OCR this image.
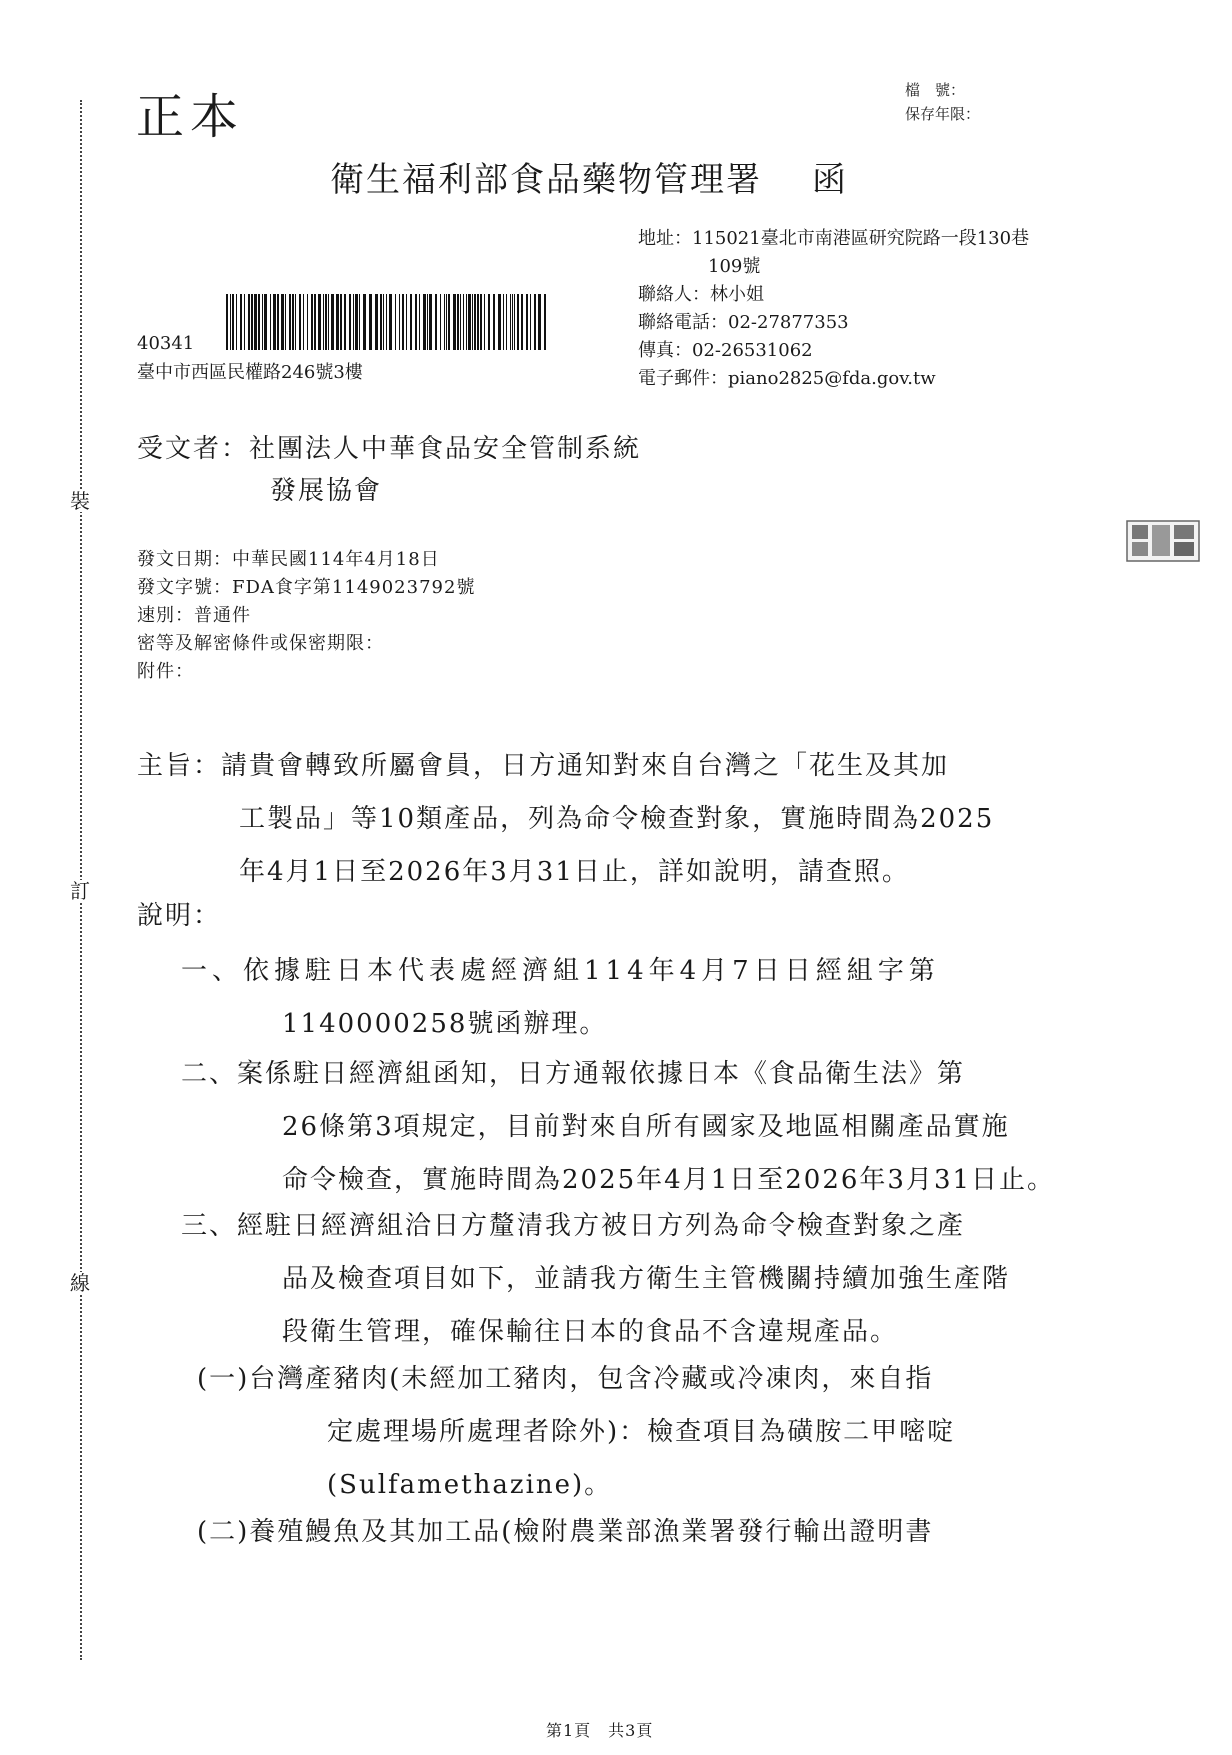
裝
訂
線
正本	檔　號：
保存年限：
衛生福利部食品藥物管理署 函
地址：115021臺北市南港區研究院路一段130巷
109號
聯絡人：林小姐
聯絡電話：02-27877353
傳真：02-26531062
電子郵件：piano2825@fda.gov.tw
40341
臺中市西區民權路246號3樓
受文者：社團法人中華食品安全管制系統
發展協會
發文日期：中華民國114年4月18日
發文字號：FDA食字第1149023792號
速別：普通件
密等及解密條件或保密期限：
附件：
主旨：請貴會轉致所屬會員，日方通知對來自台灣之「花生及其加
工製品」等10類產品，列為命令檢查對象，實施時間為2025
年4月1日至2026年3月31日止，詳如說明，請查照。
說明：
一、依據駐日本代表處經濟組114年4月7日日經組字第
1140000258號函辦理。
二、案係駐日經濟組函知，日方通報依據日本《食品衛生法》第
26條第3項規定，目前對來自所有國家及地區相關產品實施
命令檢查，實施時間為2025年4月1日至2026年3月31日止。
三、經駐日經濟組洽日方釐清我方被日方列為命令檢查對象之產
品及檢查項目如下，並請我方衛生主管機關持續加強生產階
段衛生管理，確保輸往日本的食品不含違規產品。
(一)台灣產豬肉(未經加工豬肉，包含冷藏或冷凍肉，來自指
定處理場所處理者除外)：檢查項目為磺胺二甲嘧啶
(Sulfamethazine)。
(二)養殖鰻魚及其加工品(檢附農業部漁業署發行輸出證明書
第1頁　共3頁
